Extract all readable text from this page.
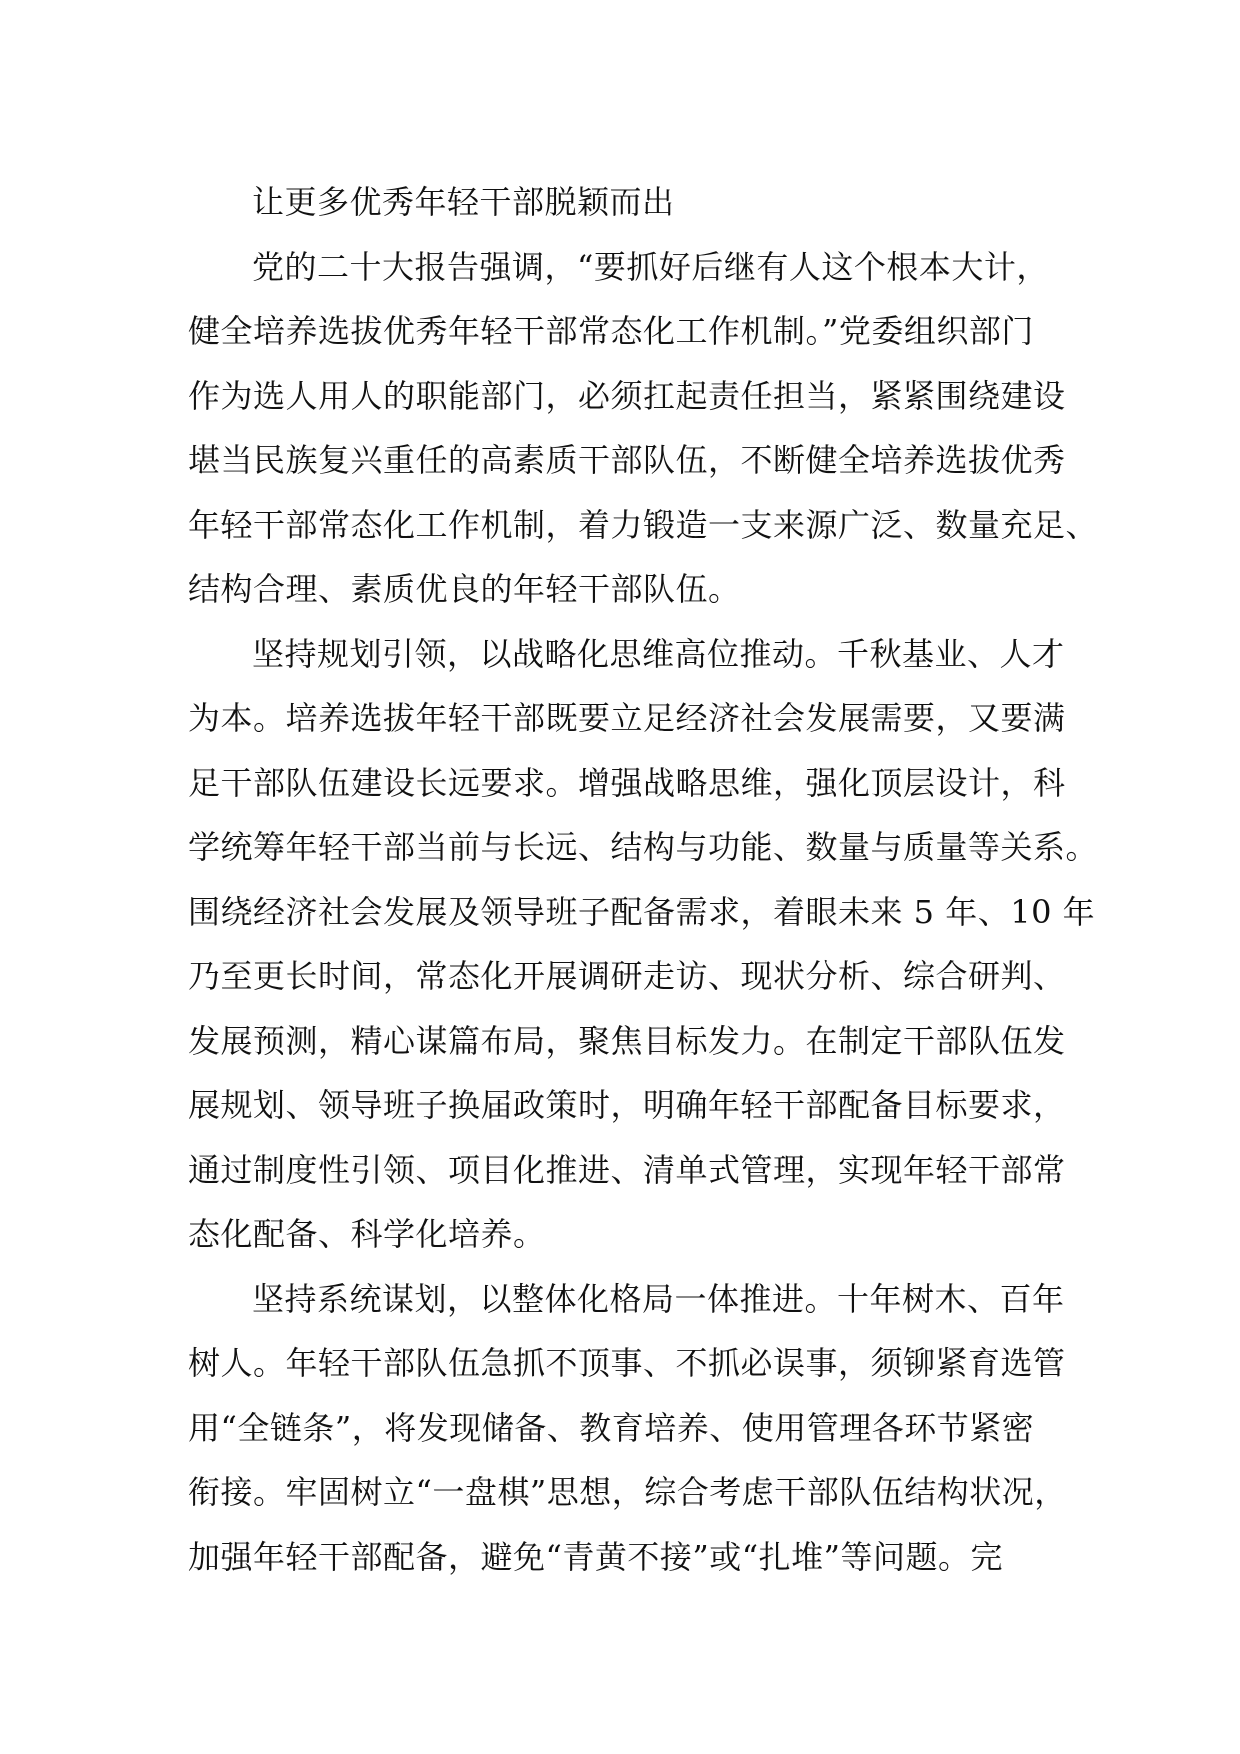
让更多优秀年轻干部脱颖而出
党的二十大报告强调，“要抓好后继有人这个根本大计，
健全培养选拔优秀年轻干部常态化工作机制。”党委组织部门
作为选人用人的职能部门，必须扛起责任担当，紧紧围绕建设
堪当民族复兴重任的高素质干部队伍，不断健全培养选拔优秀
年轻干部常态化工作机制，着力锻造一支来源广泛、数量充足、
结构合理、素质优良的年轻干部队伍。
坚持规划引领，以战略化思维高位推动。千秋基业、人才
为本。培养选拔年轻干部既要立足经济社会发展需要，又要满
足干部队伍建设长远要求。增强战略思维，强化顶层设计，科
学统筹年轻干部当前与长远、结构与功能、数量与质量等关系。
围绕经济社会发展及领导班子配备需求，着眼未来 5 年、10 年
乃至更长时间，常态化开展调研走访、现状分析、综合研判、
发展预测，精心谋篇布局，聚焦目标发力。在制定干部队伍发
展规划、领导班子换届政策时，明确年轻干部配备目标要求，
通过制度性引领、项目化推进、清单式管理，实现年轻干部常
态化配备、科学化培养。
坚持系统谋划，以整体化格局一体推进。十年树木、百年
树人。年轻干部队伍急抓不顶事、不抓必误事，须铆紧育选管
用“全链条”，将发现储备、教育培养、使用管理各环节紧密
衔接。牢固树立“一盘棋”思想，综合考虑干部队伍结构状况，
加强年轻干部配备，避免“青黄不接”或“扎堆”等问题。完
